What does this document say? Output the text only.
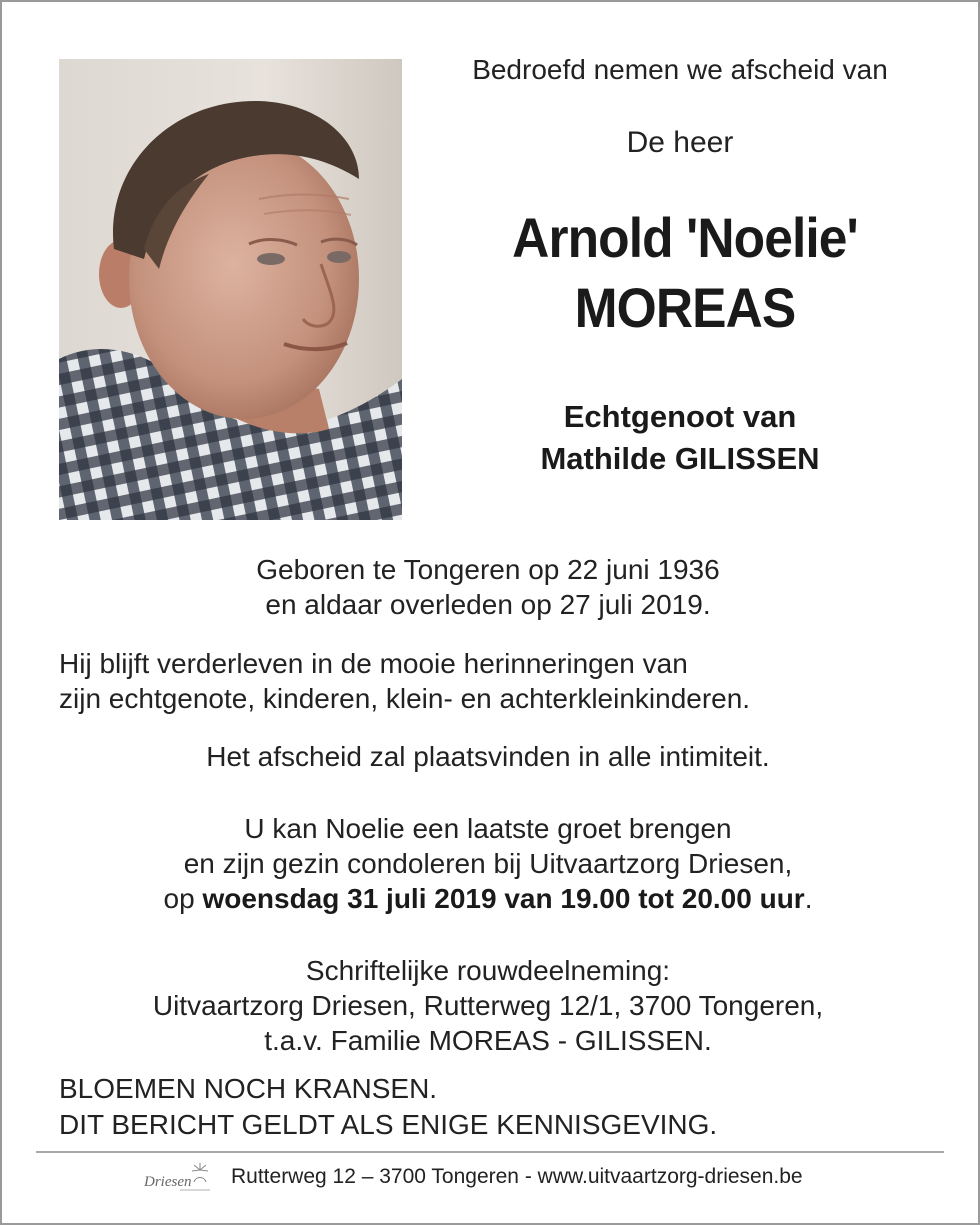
Bedroefd nemen we afscheid van
De heer
Arnold 'Noelie'
MOREAS
Echtgenoot van
Mathilde GILISSEN
Geboren te Tongeren op 22 juni 1936
en aldaar overleden op 27 juli 2019.
Hij blijft verderleven in de mooie herinneringen van
zijn echtgenote, kinderen, klein- en achterkleinkinderen.
Het afscheid zal plaatsvinden in alle intimiteit.
U kan Noelie een laatste groet brengen
en zijn gezin condoleren bij Uitvaartzorg Driesen,
op woensdag 31 juli 2019 van 19.00 tot 20.00 uur.
Schriftelijke rouwdeelneming:
Uitvaartzorg Driesen, Rutterweg 12/1, 3700 Tongeren,
t.a.v. Familie MOREAS - GILISSEN.
BLOEMEN NOCH KRANSEN.
DIT BERICHT GELDT ALS ENIGE KENNISGEVING.
Driesen Rutterweg 12 – 3700 Tongeren - www.uitvaartzorg-driesen.be
